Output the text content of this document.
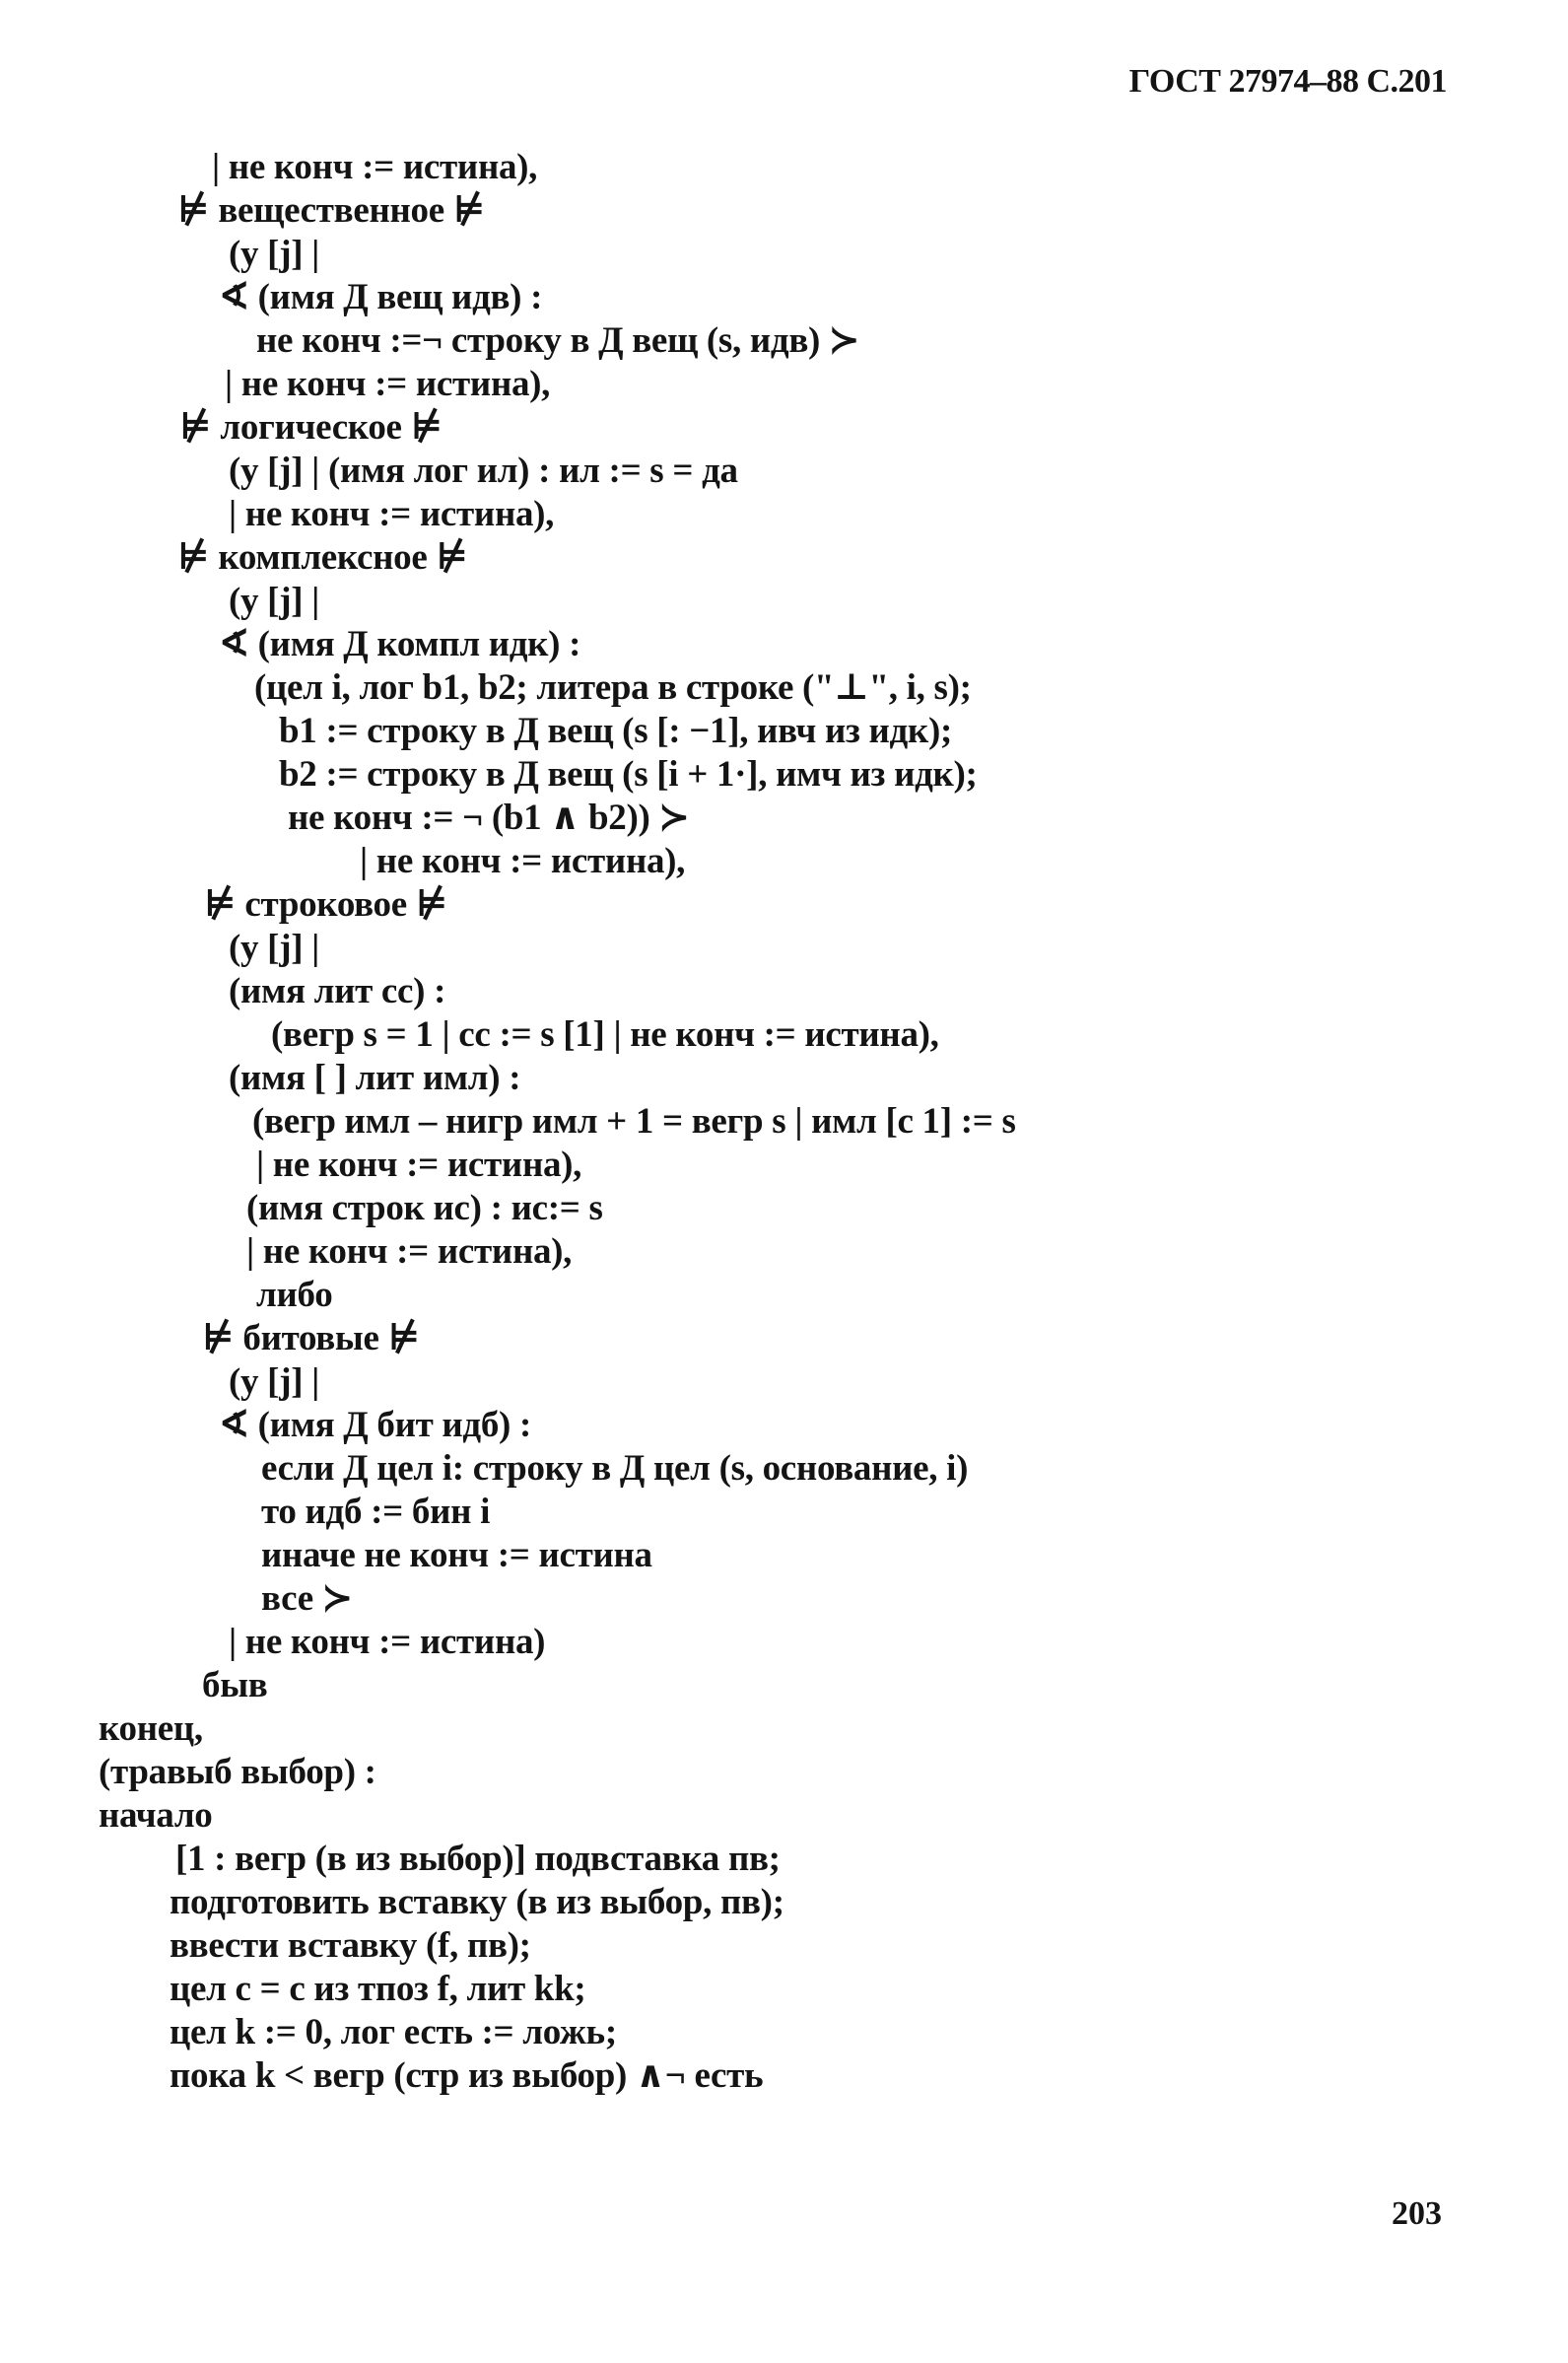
ГОСТ 27974–88 С.201
| не конч := истина),
⊭ вещественное ⊭
(y [j] |
∢ (имя Д вещ идв) :
не конч :=¬ строку в Д вещ (s, идв) ≻
| не конч := истина),
⊭ логическое ⊭
(y [j] | (имя лог ил) : ил := s = да
| не конч := истина),
⊭ комплексное ⊭
(y [j] |
∢ (имя Д компл идк) :
(цел i, лог b1, b2; литера в строке ("⊥", i, s);
b1 := строку в Д вещ (s [: −1], ивч из идк);
b2 := строку в Д вещ (s [i + 1·], имч из идк);
не конч := ¬ (b1 ∧ b2)) ≻
| не конч := истина),
⊭ строковое ⊭
(y [j] |
(имя лит сс) :
(вегр s = 1 | сс := s [1] | не конч := истина),
(имя [ ] лит имл) :
(вегр имл – нигр имл + 1 = вегр s | имл [с 1] := s
| не конч := истина),
(имя строк ис) : ис:= s
| не конч := истина),
либо
⊭ битовые ⊭
(y [j] |
∢ (имя Д бит идб) :
если Д цел i: строку в Д цел (s, основание, i)
то идб := бин i
иначе не конч := истина
все ≻
| не конч := истина)
быв
конец,
(травыб выбор) :
начало
[1 : вегр (в из выбор)] подвставка пв;
подготовить вставку (в из выбор, пв);
ввести вставку (f, пв);
цел с = с из тпоз f, лит kk;
цел k := 0, лог есть := ложь;
пока k < вегр (стр из выбор) ∧¬ есть
203
